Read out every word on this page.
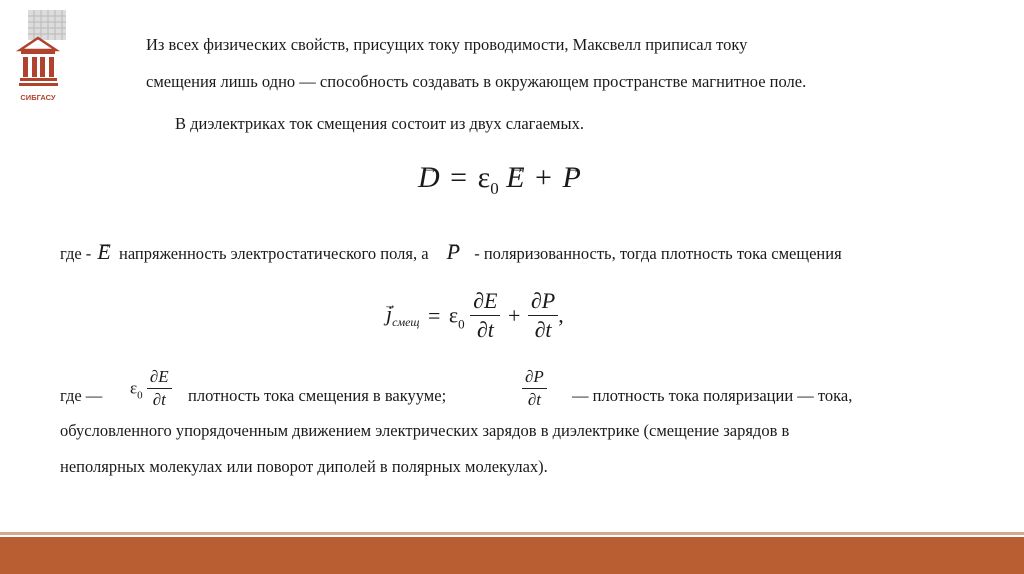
СИБГАСУ
Из всех физических свойств, присущих току проводимости, Максвелл приписал току
смещения лишь одно — способность создавать в окружающем пространстве магнитное поле.
В диэлектриках ток смещения состоит из двух слагаемых.
→ $D = \varepsilon_0 \to E$ + → P
где - → E напряженность электростатического поля, а → P - поляризованность, тогда плотность тока смещения
→ $j_{смещ} = \varepsilon_0 \frac{\partial E}{\partial t} + \frac{\partial P}{\partial t}$ ,
где — $\varepsilon_0 \frac{\partial E}{\partial t}$ плотность тока смещения в вакууме;	$\frac{\partial P}{\partial t}$ — плотность тока поляризации — тока,
обусловленного упорядоченным движением электрических зарядов в диэлектрике (смещение зарядов в
неполярных молекулах или поворот диполей в полярных молекулах).
